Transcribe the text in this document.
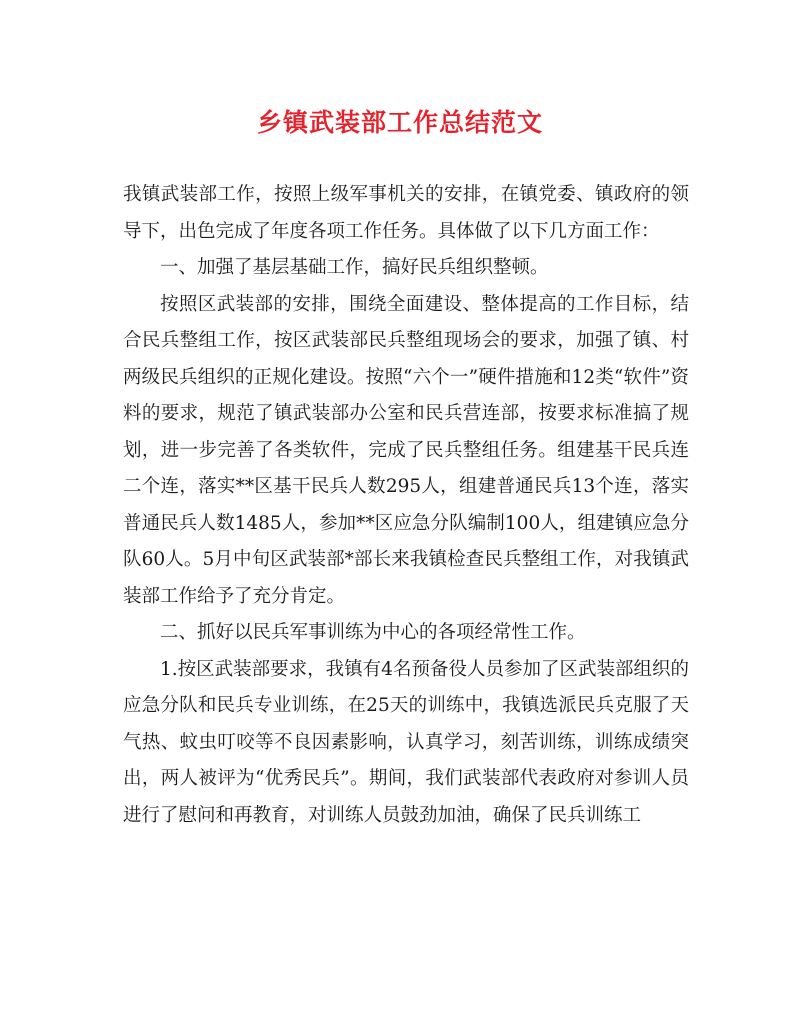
乡镇武装部工作总结范文

我镇武装部工作，按照上级军事机关的安排，在镇党委、镇政府的领导下，出色完成了年度各项工作任务。具体做了以下几方面工作：

一、加强了基层基础工作，搞好民兵组织整顿。

按照区武装部的安排，围绕全面建设、整体提高的工作目标，结合民兵整组工作，按区武装部民兵整组现场会的要求，加强了镇、村两级民兵组织的正规化建设。按照“六个一”硬件措施和12类“软件”资料的要求，规范了镇武装部办公室和民兵营连部，按要求标准搞了规划，进一步完善了各类软件，完成了民兵整组任务。组建基干民兵连二个连，落实**区基干民兵人数295人，组建普通民兵13个连，落实普通民兵人数1485人，参加**区应急分队编制100人，组建镇应急分队60人。5月中旬区武装部*部长来我镇检查民兵整组工作，对我镇武装部工作给予了充分肯定。

二、抓好以民兵军事训练为中心的各项经常性工作。

1.按区武装部要求，我镇有4名预备役人员参加了区武装部组织的应急分队和民兵专业训练，在25天的训练中，我镇选派民兵克服了天气热、蚊虫叮咬等不良因素影响，认真学习，刻苦训练，训练成绩突出，两人被评为“优秀民兵”。期间，我们武装部代表政府对参训人员进行了慰问和再教育，对训练人员鼓劲加油，确保了民兵训练工
